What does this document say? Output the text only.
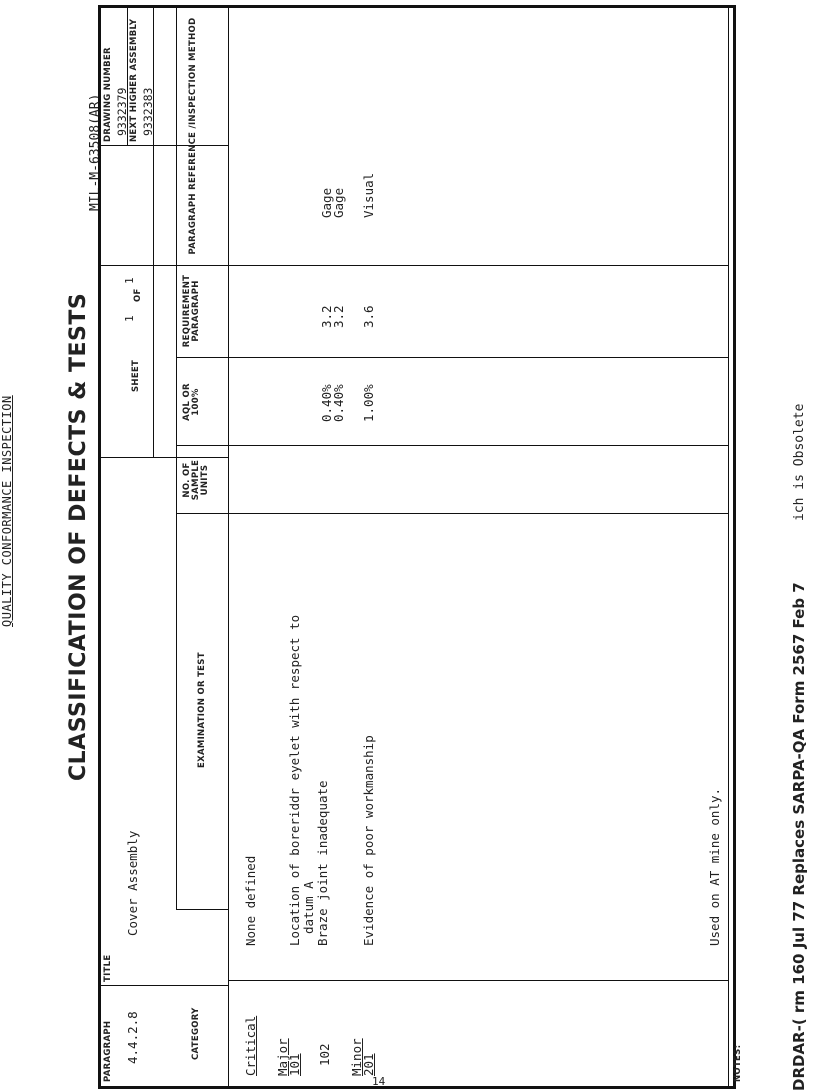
QUALITY CONFORMANCE INSPECTION CLASSIFICATION OF DEFECTS & TESTS
MIL-M-63508(AR)
PARAGRAPH 4.4.2.8
TITLE
Cover Assembly
DRAWING NUMBER 9332379 NEXT HIGHER ASSEMBLY 9332383
SHEET
1
OF
1
CATEGORY
EXAMINATION OR TEST
NO. OF SAMPLE UNITS
AQL OR 100%
REQUIREMENT PARAGRAPH
PARAGRAPH REFERENCE /INSPECTION METHOD
Critical
None defined
Major
101
Location of boreriddr eyelet with respect to datum A
0.40%
3.2
Gage
102
Braze joint inadequate
0.40%
3.2
Gage
Minor
201
Evidence of poor workmanship
1.00%
3.6
Visual
NOTES:
Used on AT mine only.	DRDAR-( rm 160 Jul 77 Replaces SARPA-QA Form 2567 Feb 7
ich is Obsolete
14
